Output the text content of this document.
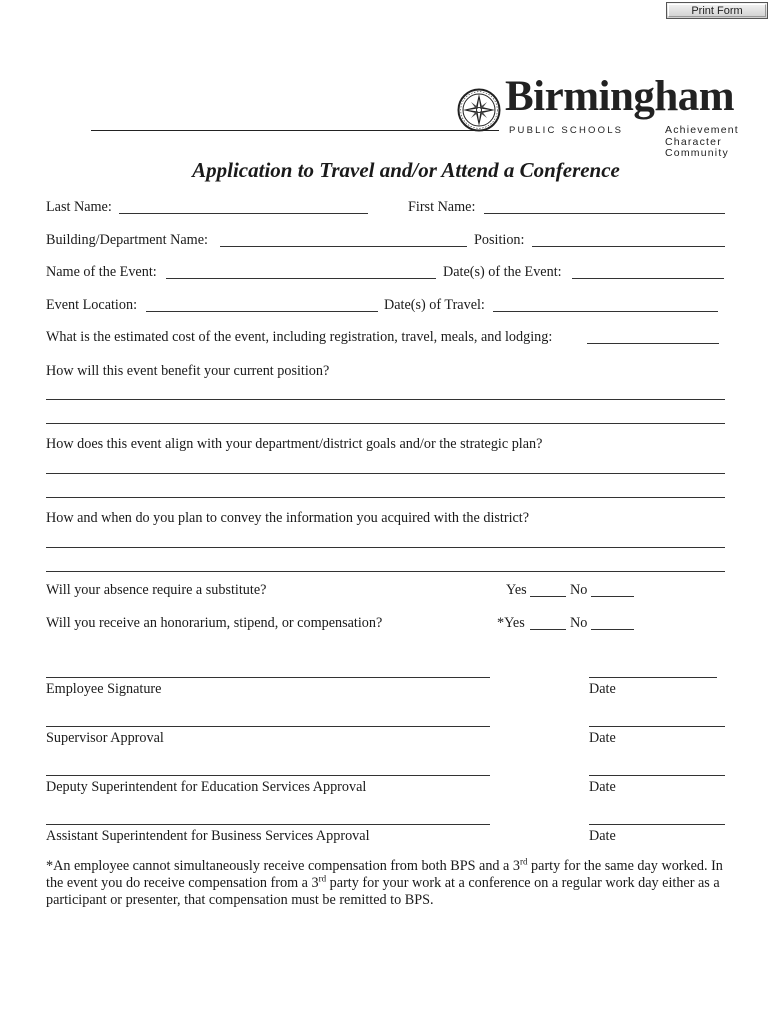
Print Form
Birmingham
PUBLIC SCHOOLS	Achievement
Character
Community
Application to Travel and/or Attend a Conference
Last Name:	First Name:
Building/Department Name:	Position:
Name of the Event:	Date(s) of the Event:
Event Location:	Date(s) of Travel:
What is the estimated cost of the event, including registration, travel, meals, and lodging:
How will this event benefit your current position?
How does this event align with your department/district goals and/or the strategic plan?
How and when do you plan to convey the information you acquired with the district?
Will your absence require a substitute?	Yes	No
Will you receive an honorarium, stipend, or compensation?	*Yes	No
Employee Signature	Date
Supervisor Approval	Date
Deputy Superintendent for Education Services Approval	Date
Assistant Superintendent for Business Services Approval	Date
*An employee cannot simultaneously receive compensation from both BPS and a 3rd party for the same day worked. In the event you do receive compensation from a 3rd party for your work at a conference on a regular work day either as a participant or presenter, that compensation must be remitted to BPS.
